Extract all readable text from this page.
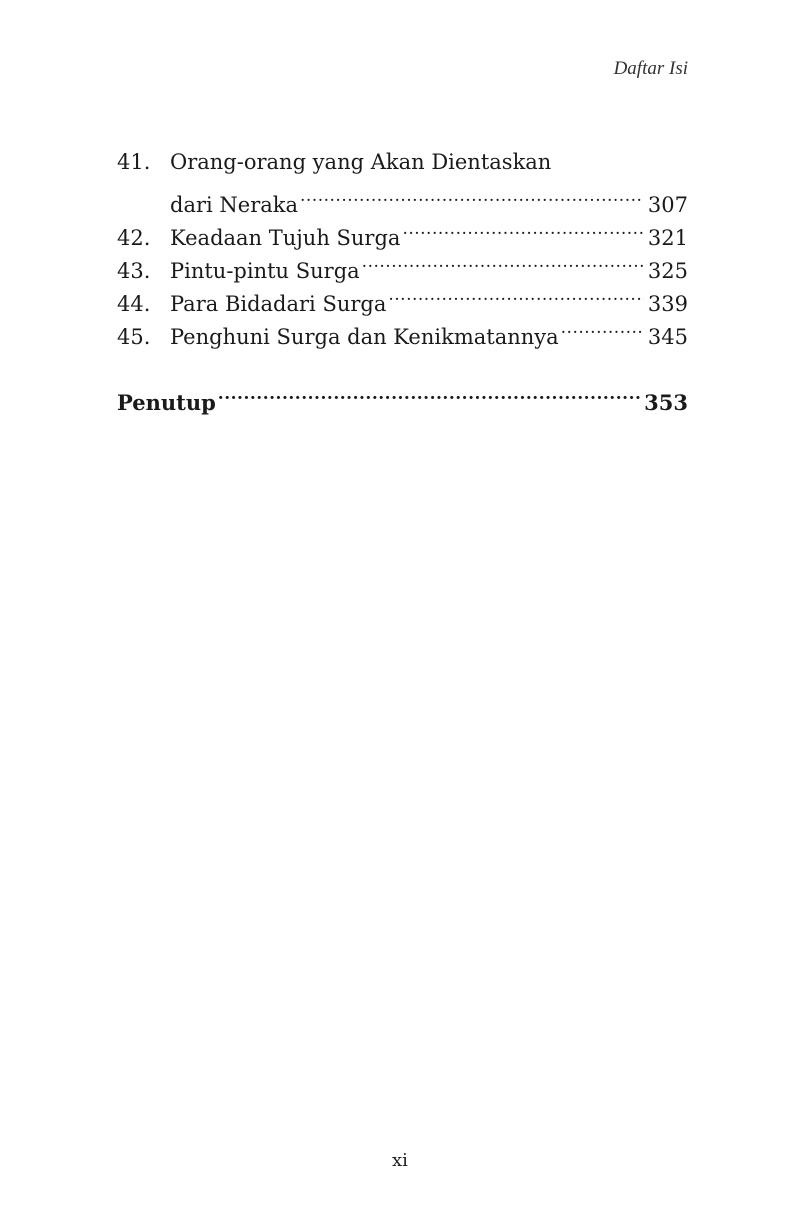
Daftar Isi
41. Orang-orang yang Akan Dientaskan
dari Neraka .....	307
42. Keadaan Tujuh Surga .....	321
43. Pintu-pintu Surga .....	325
44. Para Bidadari Surga .....	339
45. Penghuni Surga dan Kenikmatannya .....	345
Penutup .....	353
xi
